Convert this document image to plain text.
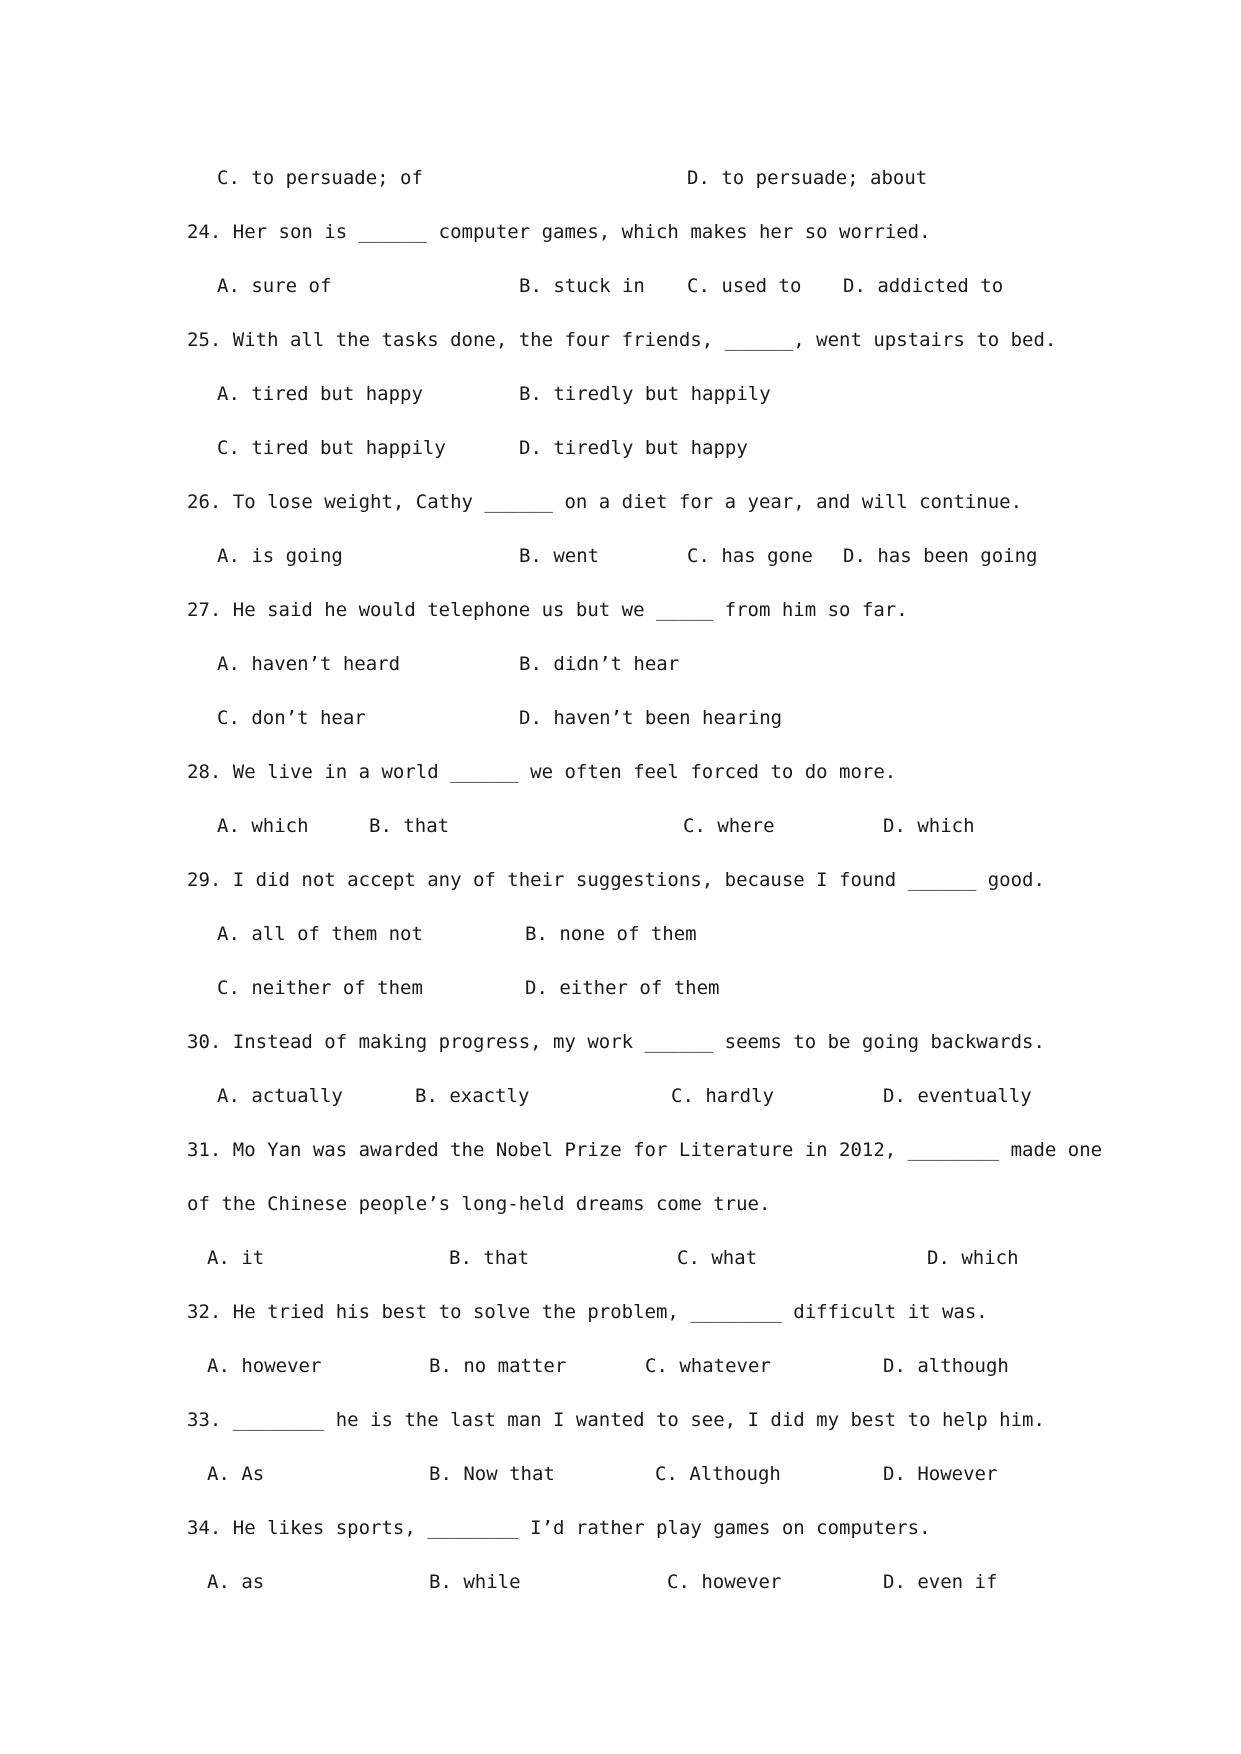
C. to persuade; of	D. to persuade; about
24. Her son is ______ computer games, which makes her so worried.
A. sure of	B. stuck in C. used to D. addicted to
25. With all the tasks done, the four friends, ______, went upstairs to bed.
A. tired but happy	B. tiredly but happily
C. tired but happily	D. tiredly but happy
26. To lose weight, Cathy ______ on a diet for a year, and will continue.
A. is going	B. went	C. has gone D. has been going
27. He said he would telephone us but we _____ from him so far.
A. haven’t heard	B. didn’t hear
C. don’t hear	D. haven’t been hearing
28. We live in a world ______ we often feel forced to do more.
A. which	B. that	C. where	D. which
29. I did not accept any of their suggestions, because I found ______ good.
A. all of them not	B. none of them
C. neither of them	D. either of them
30. Instead of making progress, my work ______ seems to be going backwards.
A. actually	B. exactly	C. hardly	D. eventually
31. Mo Yan was awarded the Nobel Prize for Literature in 2012, ________ made one
of the Chinese people’s long-held dreams come true.
A. it	B. that	C. what	D. which
32. He tried his best to solve the problem, ________ difficult it was.
A. however	B. no matter	C. whatever	D. although
33. ________ he is the last man I wanted to see, I did my best to help him.
A. As	B. Now that	C. Although	D. However
34. He likes sports, ________ I’d rather play games on computers.
A. as	B. while	C. however	D. even if
